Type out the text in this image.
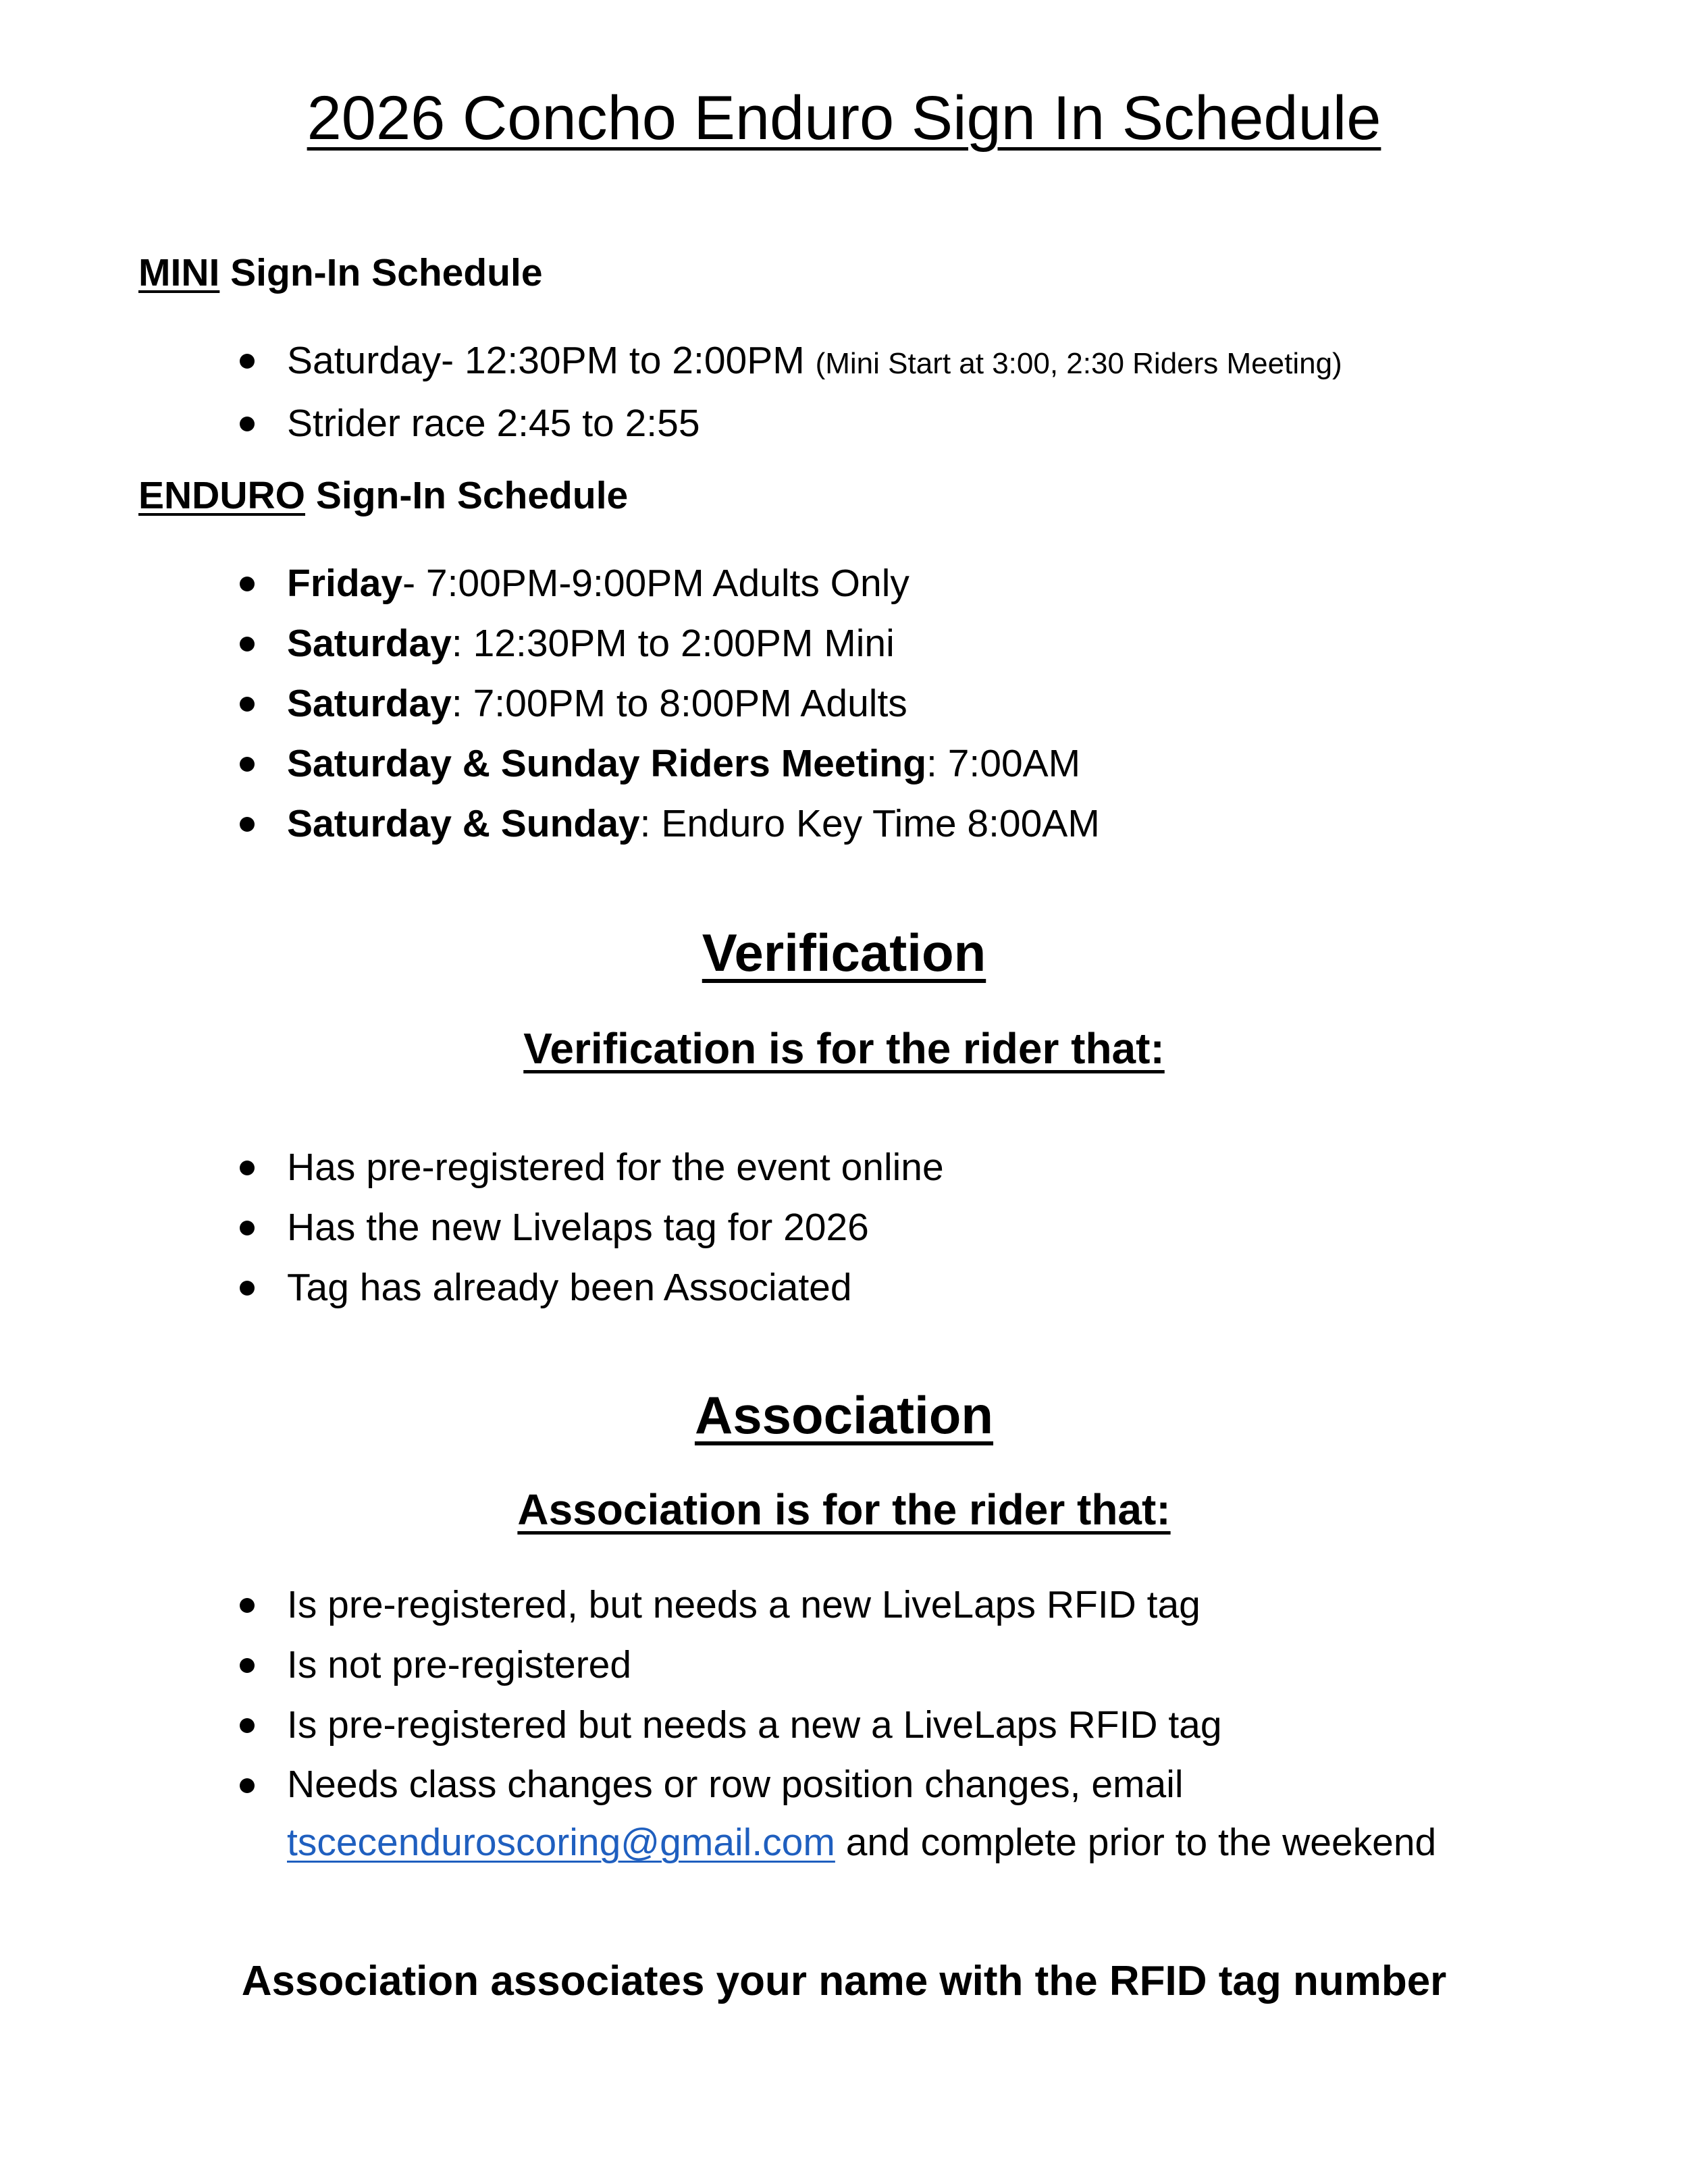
2026 Concho Enduro Sign In Schedule
MINI Sign-In Schedule
Saturday- 12:30PM to 2:00PM (Mini Start at 3:00, 2:30 Riders Meeting)
Strider race 2:45 to 2:55
ENDURO Sign-In Schedule
Friday- 7:00PM-9:00PM Adults Only
Saturday: 12:30PM to 2:00PM Mini
Saturday: 7:00PM to 8:00PM Adults
Saturday & Sunday Riders Meeting: 7:00AM
Saturday & Sunday: Enduro Key Time 8:00AM
Verification
Verification is for the rider that:
Has pre-registered for the event online
Has the new Livelaps tag for 2026
Tag has already been Associated
Association
Association is for the rider that:
Is pre-registered, but needs a new LiveLaps RFID tag
Is not pre-registered
Is pre-registered but needs a new a LiveLaps RFID tag
Needs class changes or row position changes, email tscecenduroscoring@gmail.com and complete prior to the weekend
Association associates your name with the RFID tag number
